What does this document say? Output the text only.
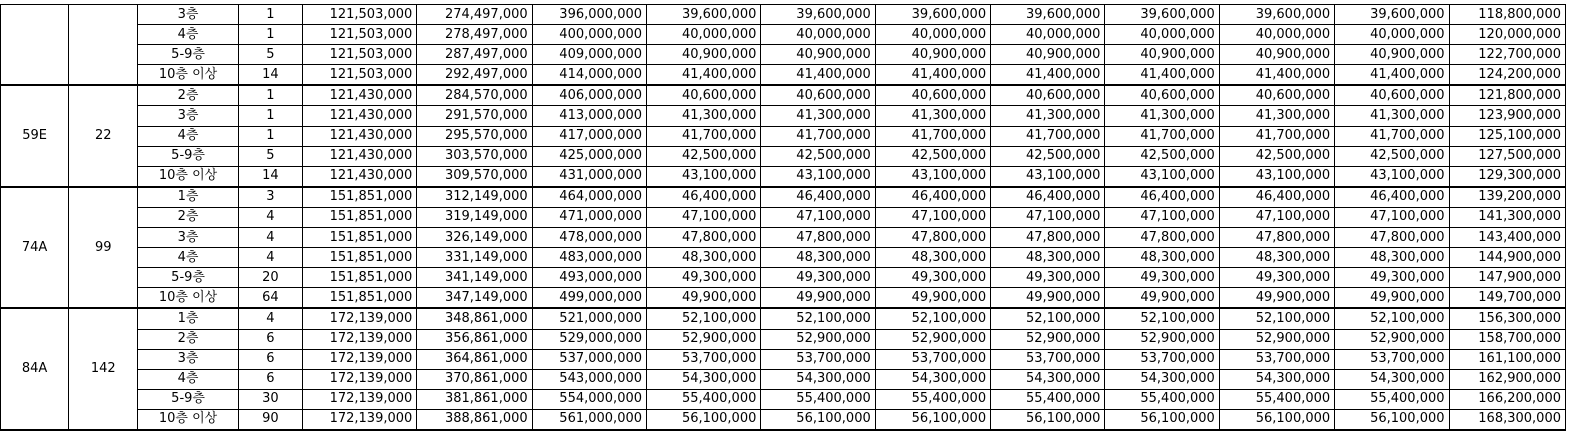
		3층	1	121,503,000	274,497,000	396,000,000	39,600,000	39,600,000	39,600,000	39,600,000	39,600,000	39,600,000	39,600,000	118,800,000
		4층	1	121,503,000	278,497,000	400,000,000	40,000,000	40,000,000	40,000,000	40,000,000	40,000,000	40,000,000	40,000,000	120,000,000
		5-9층	5	121,503,000	287,497,000	409,000,000	40,900,000	40,900,000	40,900,000	40,900,000	40,900,000	40,900,000	40,900,000	122,700,000
		10층 이상	14	121,503,000	292,497,000	414,000,000	41,400,000	41,400,000	41,400,000	41,400,000	41,400,000	41,400,000	41,400,000	124,200,000
59E	22	2층	1	121,430,000	284,570,000	406,000,000	40,600,000	40,600,000	40,600,000	40,600,000	40,600,000	40,600,000	40,600,000	121,800,000
		3층	1	121,430,000	291,570,000	413,000,000	41,300,000	41,300,000	41,300,000	41,300,000	41,300,000	41,300,000	41,300,000	123,900,000
		4층	1	121,430,000	295,570,000	417,000,000	41,700,000	41,700,000	41,700,000	41,700,000	41,700,000	41,700,000	41,700,000	125,100,000
		5-9층	5	121,430,000	303,570,000	425,000,000	42,500,000	42,500,000	42,500,000	42,500,000	42,500,000	42,500,000	42,500,000	127,500,000
		10층 이상	14	121,430,000	309,570,000	431,000,000	43,100,000	43,100,000	43,100,000	43,100,000	43,100,000	43,100,000	43,100,000	129,300,000
74A	99	1층	3	151,851,000	312,149,000	464,000,000	46,400,000	46,400,000	46,400,000	46,400,000	46,400,000	46,400,000	46,400,000	139,200,000
		2층	4	151,851,000	319,149,000	471,000,000	47,100,000	47,100,000	47,100,000	47,100,000	47,100,000	47,100,000	47,100,000	141,300,000
		3층	4	151,851,000	326,149,000	478,000,000	47,800,000	47,800,000	47,800,000	47,800,000	47,800,000	47,800,000	47,800,000	143,400,000
		4층	4	151,851,000	331,149,000	483,000,000	48,300,000	48,300,000	48,300,000	48,300,000	48,300,000	48,300,000	48,300,000	144,900,000
		5-9층	20	151,851,000	341,149,000	493,000,000	49,300,000	49,300,000	49,300,000	49,300,000	49,300,000	49,300,000	49,300,000	147,900,000
		10층 이상	64	151,851,000	347,149,000	499,000,000	49,900,000	49,900,000	49,900,000	49,900,000	49,900,000	49,900,000	49,900,000	149,700,000
84A	142	1층	4	172,139,000	348,861,000	521,000,000	52,100,000	52,100,000	52,100,000	52,100,000	52,100,000	52,100,000	52,100,000	156,300,000
		2층	6	172,139,000	356,861,000	529,000,000	52,900,000	52,900,000	52,900,000	52,900,000	52,900,000	52,900,000	52,900,000	158,700,000
		3층	6	172,139,000	364,861,000	537,000,000	53,700,000	53,700,000	53,700,000	53,700,000	53,700,000	53,700,000	53,700,000	161,100,000
		4층	6	172,139,000	370,861,000	543,000,000	54,300,000	54,300,000	54,300,000	54,300,000	54,300,000	54,300,000	54,300,000	162,900,000
		5-9층	30	172,139,000	381,861,000	554,000,000	55,400,000	55,400,000	55,400,000	55,400,000	55,400,000	55,400,000	55,400,000	166,200,000
		10층 이상	90	172,139,000	388,861,000	561,000,000	56,100,000	56,100,000	56,100,000	56,100,000	56,100,000	56,100,000	56,100,000	168,300,000
